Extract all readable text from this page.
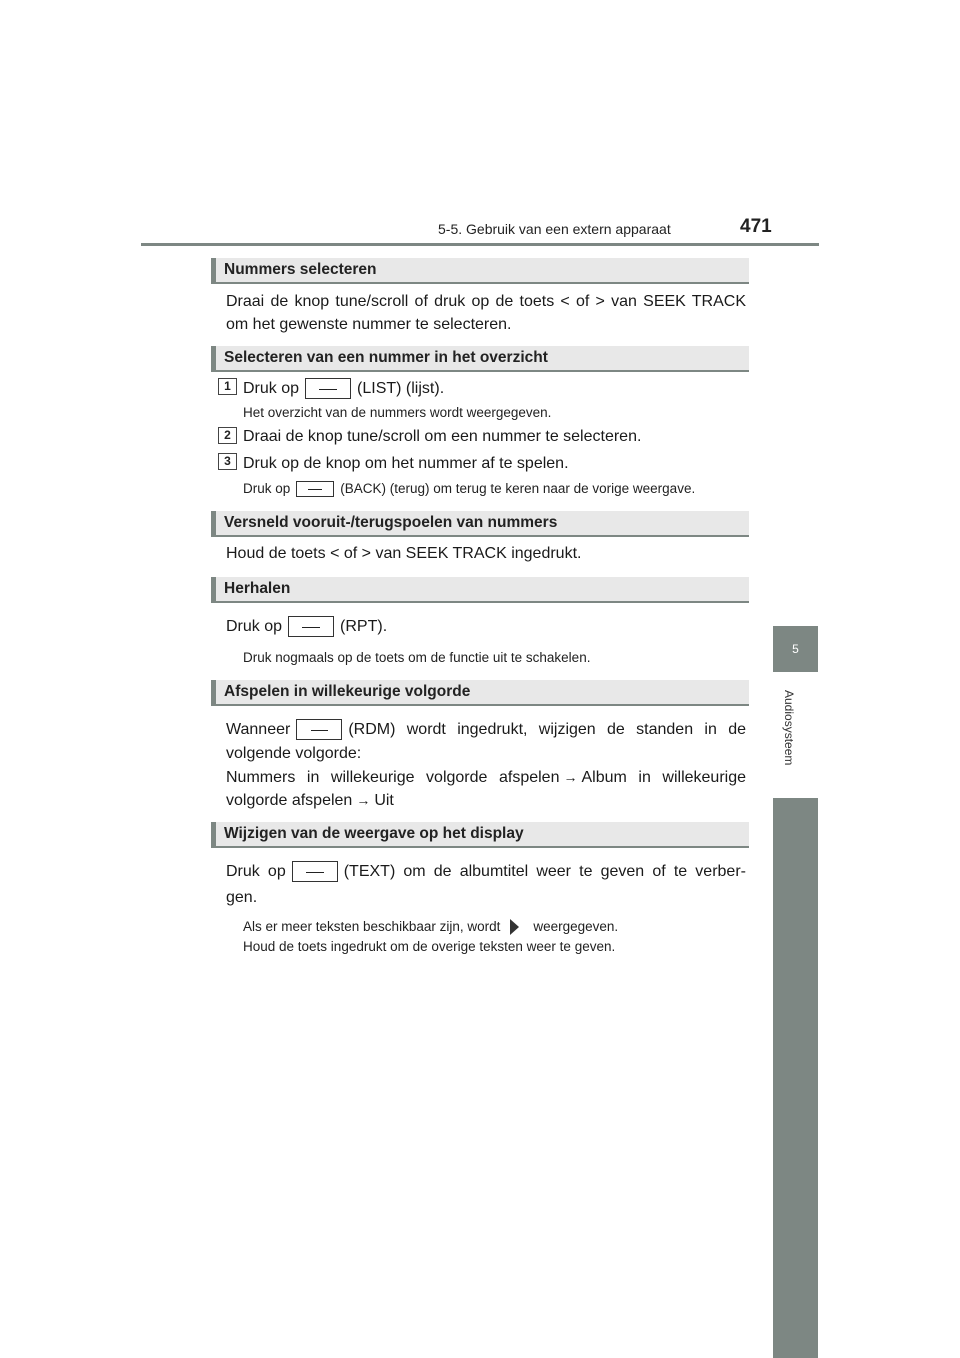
5-5. Gebruik van een extern apparaat	471
5
Audiosysteem
Nummers selecteren
Draai de knop tune/scroll of druk op de toets < of > van SEEK TRACK
om het gewenste nummer te selecteren.
Selecteren van een nummer in het overzicht
1 Druk op	(LIST) (lijst).
Het overzicht van de nummers wordt weergegeven.
2 Draai de knop tune/scroll om een nummer te selecteren.
3 Druk op de knop om het nummer af te spelen.
Druk op	(BACK) (terug) om terug te keren naar de vorige weergave.
Versneld vooruit-/terugspoelen van nummers
Houd de toets < of > van SEEK TRACK ingedrukt.
Herhalen
Druk op	(RPT).
Druk nogmaals op de toets om de functie uit te schakelen.
Afspelen in willekeurige volgorde
Wanneer	(RDM) wordt ingedrukt, wijzigen de standen in de
volgende volgorde:
Nummers in willekeurige volgorde afspelen → Album in willekeurige
volgorde afspelen → Uit
Wijzigen van de weergave op het display
Druk op	(TEXT) om de albumtitel weer te geven of te verber-
gen.
Als er meer teksten beschikbaar zijn, wordt weergegeven.
Houd de toets ingedrukt om de overige teksten weer te geven.
